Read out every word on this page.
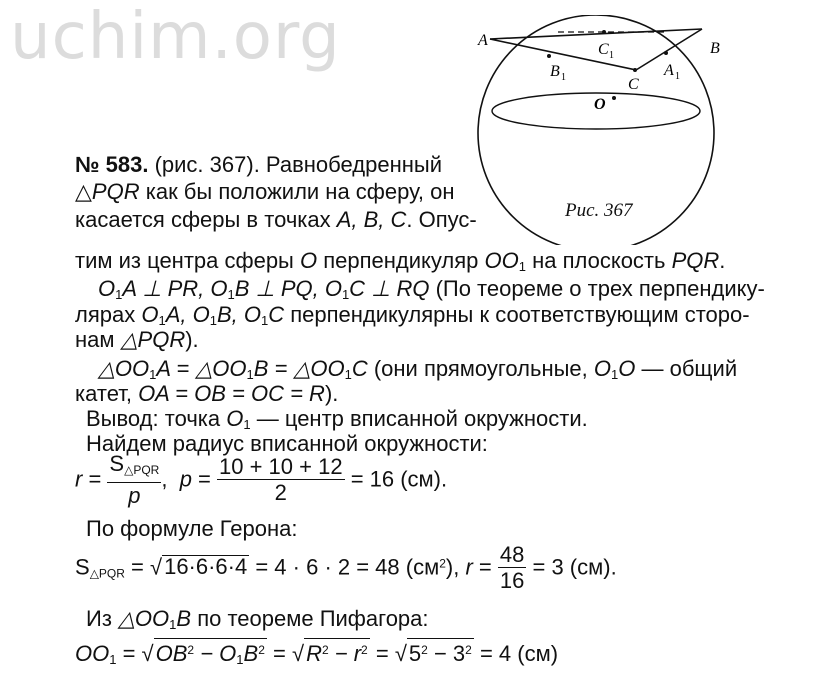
uchim.org	A	B
C
C 1
B 1	A 1
O
Рис. 367
№ 583. (рис. 367). Равнобедренный
△PQR как бы положили на сферу, он
касается сферы в точках A, B, C. Опус-
тим из центра сферы O перпендикуляр $OO_1$ на плоскость PQR.
$O_1A$ ⊥ PR, $O_1B$ ⊥ PQ, $O_1C$ ⊥ RQ (По теореме о трех перпендику-
лярах $O_1A$, $O_1B$, $O_1C$ перпендикулярны к соответствующим сторо-
нам △PQR).
$\triangle OO_1A$ = $\triangle OO_1B$ = $\triangle OO_1C$ (они прямоугольные, $O_1O$ — общий
катет, OA = OB = OC = R).
Вывод: точка $O_1$ — центр вписанной окружности.
Найдем радиус вписанной окружности:
$r = \frac{S_{\triangle PQR}}{p}$ , $p = \frac{10 + 10 + 12}{2} = 16$ (см).
По формуле Герона:
$S_{\triangle PQR} = √16\cdot 6\cdot 6\cdot 4 = 4 \cdot 6 \cdot 2 = 48$ $(см^2)$, $r = \frac{48}{16} = 3$ (см).
Из $\triangle OO_1B$ по теореме Пифагора:
$OO_1 = √OB^2 - O_1B^2 = √R^2 - r^2 = √5^2 - 3^2 = 4$ (см)
